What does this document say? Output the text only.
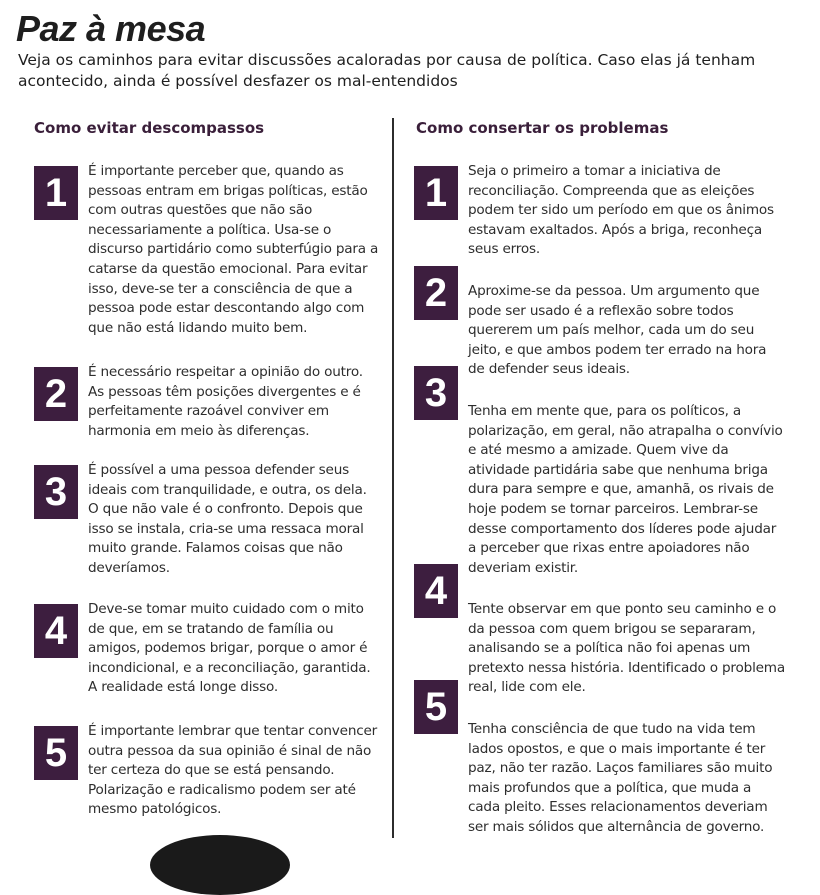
Paz à mesa
Veja os caminhos para evitar discussões acaloradas por causa de política. Caso elas já tenham acontecido, ainda é possível desfazer os mal-entendidos
Como evitar descompassos	Como consertar os problemas
1	É importante perceber que, quando as pessoas entram em brigas políticas, estão com outras questões que não são necessariamente a política. Usa-se o discurso partidário como subterfúgio para a catarse da questão emocional. Para evitar isso, deve-se ter a consciência de que a pessoa pode estar descontando algo com que não está lidando muito bem.
2	É necessário respeitar a opinião do outro. As pessoas têm posições divergentes e é perfeitamente razoável conviver em harmonia em meio às diferenças.
3	É possível a uma pessoa defender seus ideais com tranquilidade, e outra, os dela. O que não vale é o confronto. Depois que isso se instala, cria-se uma ressaca moral muito grande. Falamos coisas que não deveríamos.
4	Deve-se tomar muito cuidado com o mito de que, em se tratando de família ou amigos, podemos brigar, porque o amor é incondicional, e a reconciliação, garantida. A realidade está longe disso.
5	É importante lembrar que tentar convencer outra pessoa da sua opinião é sinal de não ter certeza do que se está pensando. Polarização e radicalismo podem ser até mesmo patológicos.
1	Seja o primeiro a tomar a iniciativa de reconciliação. Compreenda que as eleições podem ter sido um período em que os ânimos estavam exaltados. Após a briga, reconheça seus erros.
2	Aproxime-se da pessoa. Um argumento que pode ser usado é a reflexão sobre todos quererem um país melhor, cada um do seu jeito, e que ambos podem ter errado na hora de defender seus ideais.
3	Tenha em mente que, para os políticos, a polarização, em geral, não atrapalha o convívio e até mesmo a amizade. Quem vive da atividade partidária sabe que nenhuma briga dura para sempre e que, amanhã, os rivais de hoje podem se tornar parceiros. Lembrar-se desse comportamento dos líderes pode ajudar a perceber que rixas entre apoiadores não deveriam existir.
4	Tente observar em que ponto seu caminho e o da pessoa com quem brigou se separaram, analisando se a política não foi apenas um pretexto nessa história. Identificado o problema real, lide com ele.
5
Tenha consciência de que tudo na vida tem lados opostos, e que o mais importante é ter paz, não ter razão. Laços familiares são muito mais profundos que a política, que muda a cada pleito. Esses relacionamentos deveriam ser mais sólidos que alternância de governo.
